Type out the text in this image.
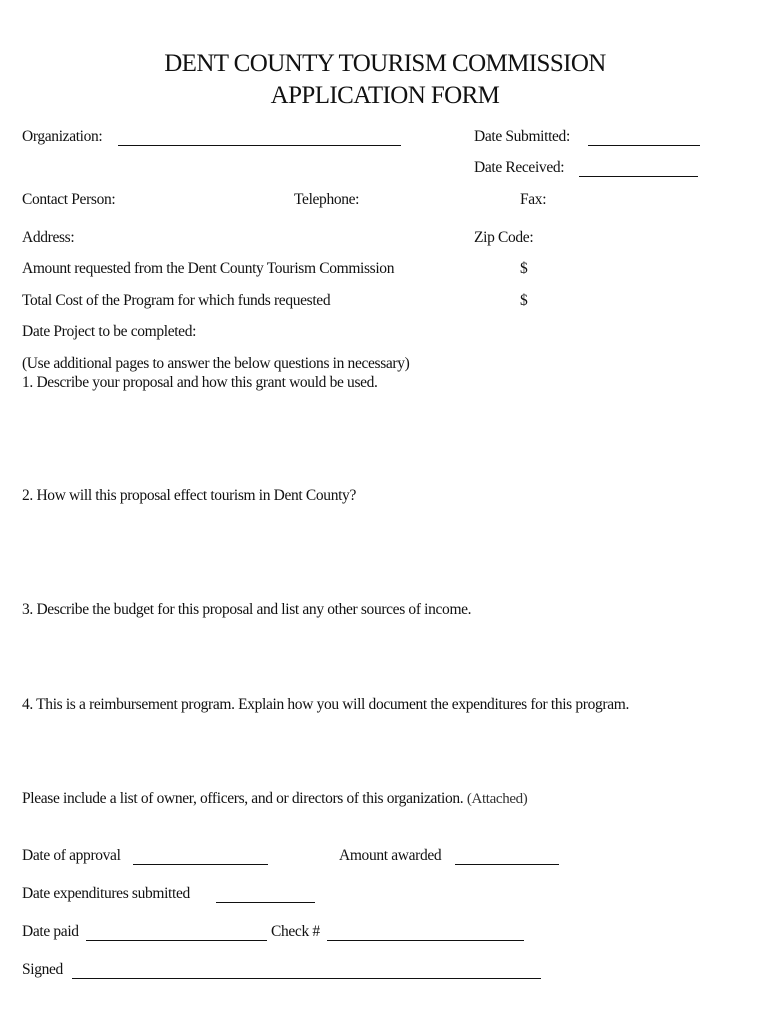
DENT COUNTY TOURISM COMMISSION
APPLICATION FORM
Organization:	Date Submitted:
Date Received:
Contact Person:	Telephone:	Fax:
Address:	Zip Code:
Amount requested from the Dent County Tourism Commission	$
Total Cost of the Program for which funds requested	$
Date Project to be completed:
(Use additional pages to answer the below questions in necessary)
1. Describe your proposal and how this grant would be used.
2. How will this proposal effect tourism in Dent County?
3. Describe the budget for this proposal and list any other sources of income.
4. This is a reimbursement program. Explain how you will document the expenditures for this program.
Please include a list of owner, officers, and or directors of this organization. (Attached)
Date of approval	Amount awarded
Date expenditures submitted
Date paid	Check #
Signed
